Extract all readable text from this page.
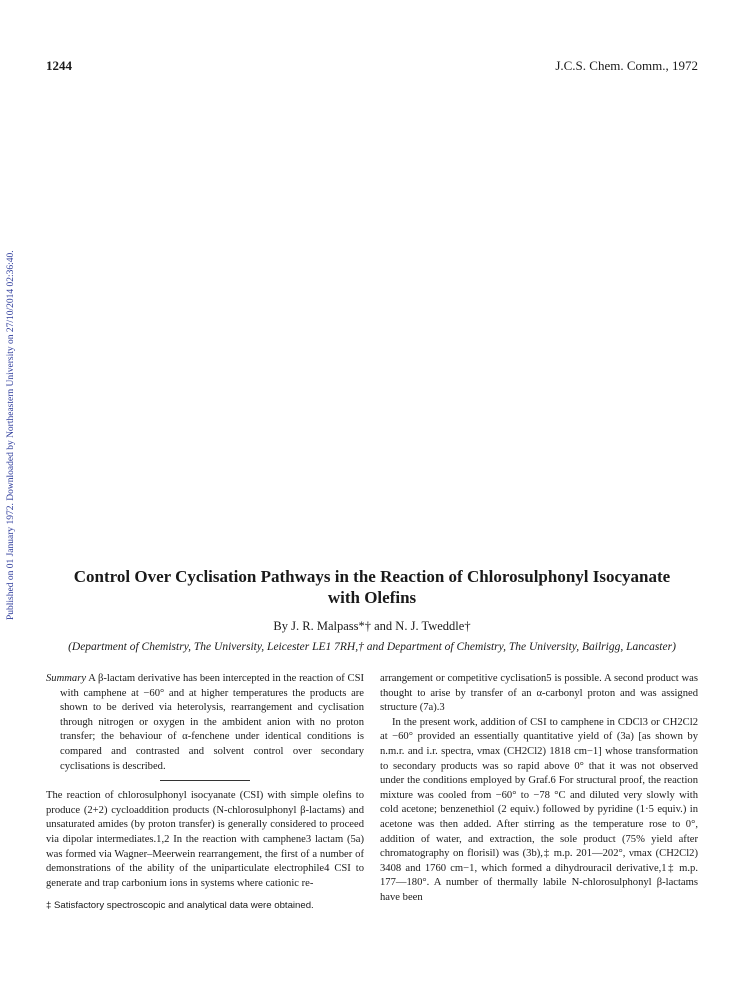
1244	J.C.S. Chem. Comm., 1972
Published on 01 January 1972. Downloaded by Northeastern University on 27/10/2014 02:36:40.	Control Over Cyclisation Pathways in the Reaction of Chlorosulphonyl Isocyanate with Olefins
By J. R. Malpass*† and N. J. Tweddle†
(Department of Chemistry, The University, Leicester LE1 7RH,† and Department of Chemistry, The University, Bailrigg, Lancaster)

Summary A β-lactam derivative has been intercepted in the reaction of CSI with camphene at −60° and at higher temperatures the products are shown to be derived via heterolysis, rearrangement and cyclisation through nitrogen or oxygen in the ambident anion with no proton transfer; the behaviour of α-fenchene under identical conditions is compared and contrasted and solvent control over secondary cyclisations is described.

The reaction of chlorosulphonyl isocyanate (CSI) with simple olefins to produce (2+2) cycloaddition products (N-chlorosulphonyl β-lactams) and unsaturated amides (by proton transfer) is generally considered to proceed via dipolar intermediates.1,2 In the reaction with camphene3 lactam (5a) was formed via Wagner–Meerwein rearrangement, the first of a number of demonstrations of the ability of the uniparticulate electrophile4 CSI to generate and trap carbonium ions in systems where cationic re-

‡ Satisfactory spectroscopic and analytical data were obtained.

arrangement or competitive cyclisation5 is possible. A second product was thought to arise by transfer of an α-carbonyl proton and was assigned structure (7a).3

In the present work, addition of CSI to camphene in CDCl3 or CH2Cl2 at −60° provided an essentially quantitative yield of (3a) [as shown by n.m.r. and i.r. spectra, νmax (CH2Cl2) 1818 cm−1] whose transformation to secondary products was so rapid above 0° that it was not observed under the conditions employed by Graf.6 For structural proof, the reaction mixture was cooled from −60° to −78 °C and diluted very slowly with cold acetone; benzenethiol (2 equiv.) followed by pyridine (1·5 equiv.) in acetone was then added. After stirring as the temperature rose to 0°, addition of water, and extraction, the sole product (75% yield after chromatography on florisil) was (3b),‡ m.p. 201—202°, νmax (CH2Cl2) 3408 and 1760 cm−1, which formed a dihydrouracil derivative,1‡ m.p. 177—180°. A number of thermally labile N-chlorosulphonyl β-lactams have been
